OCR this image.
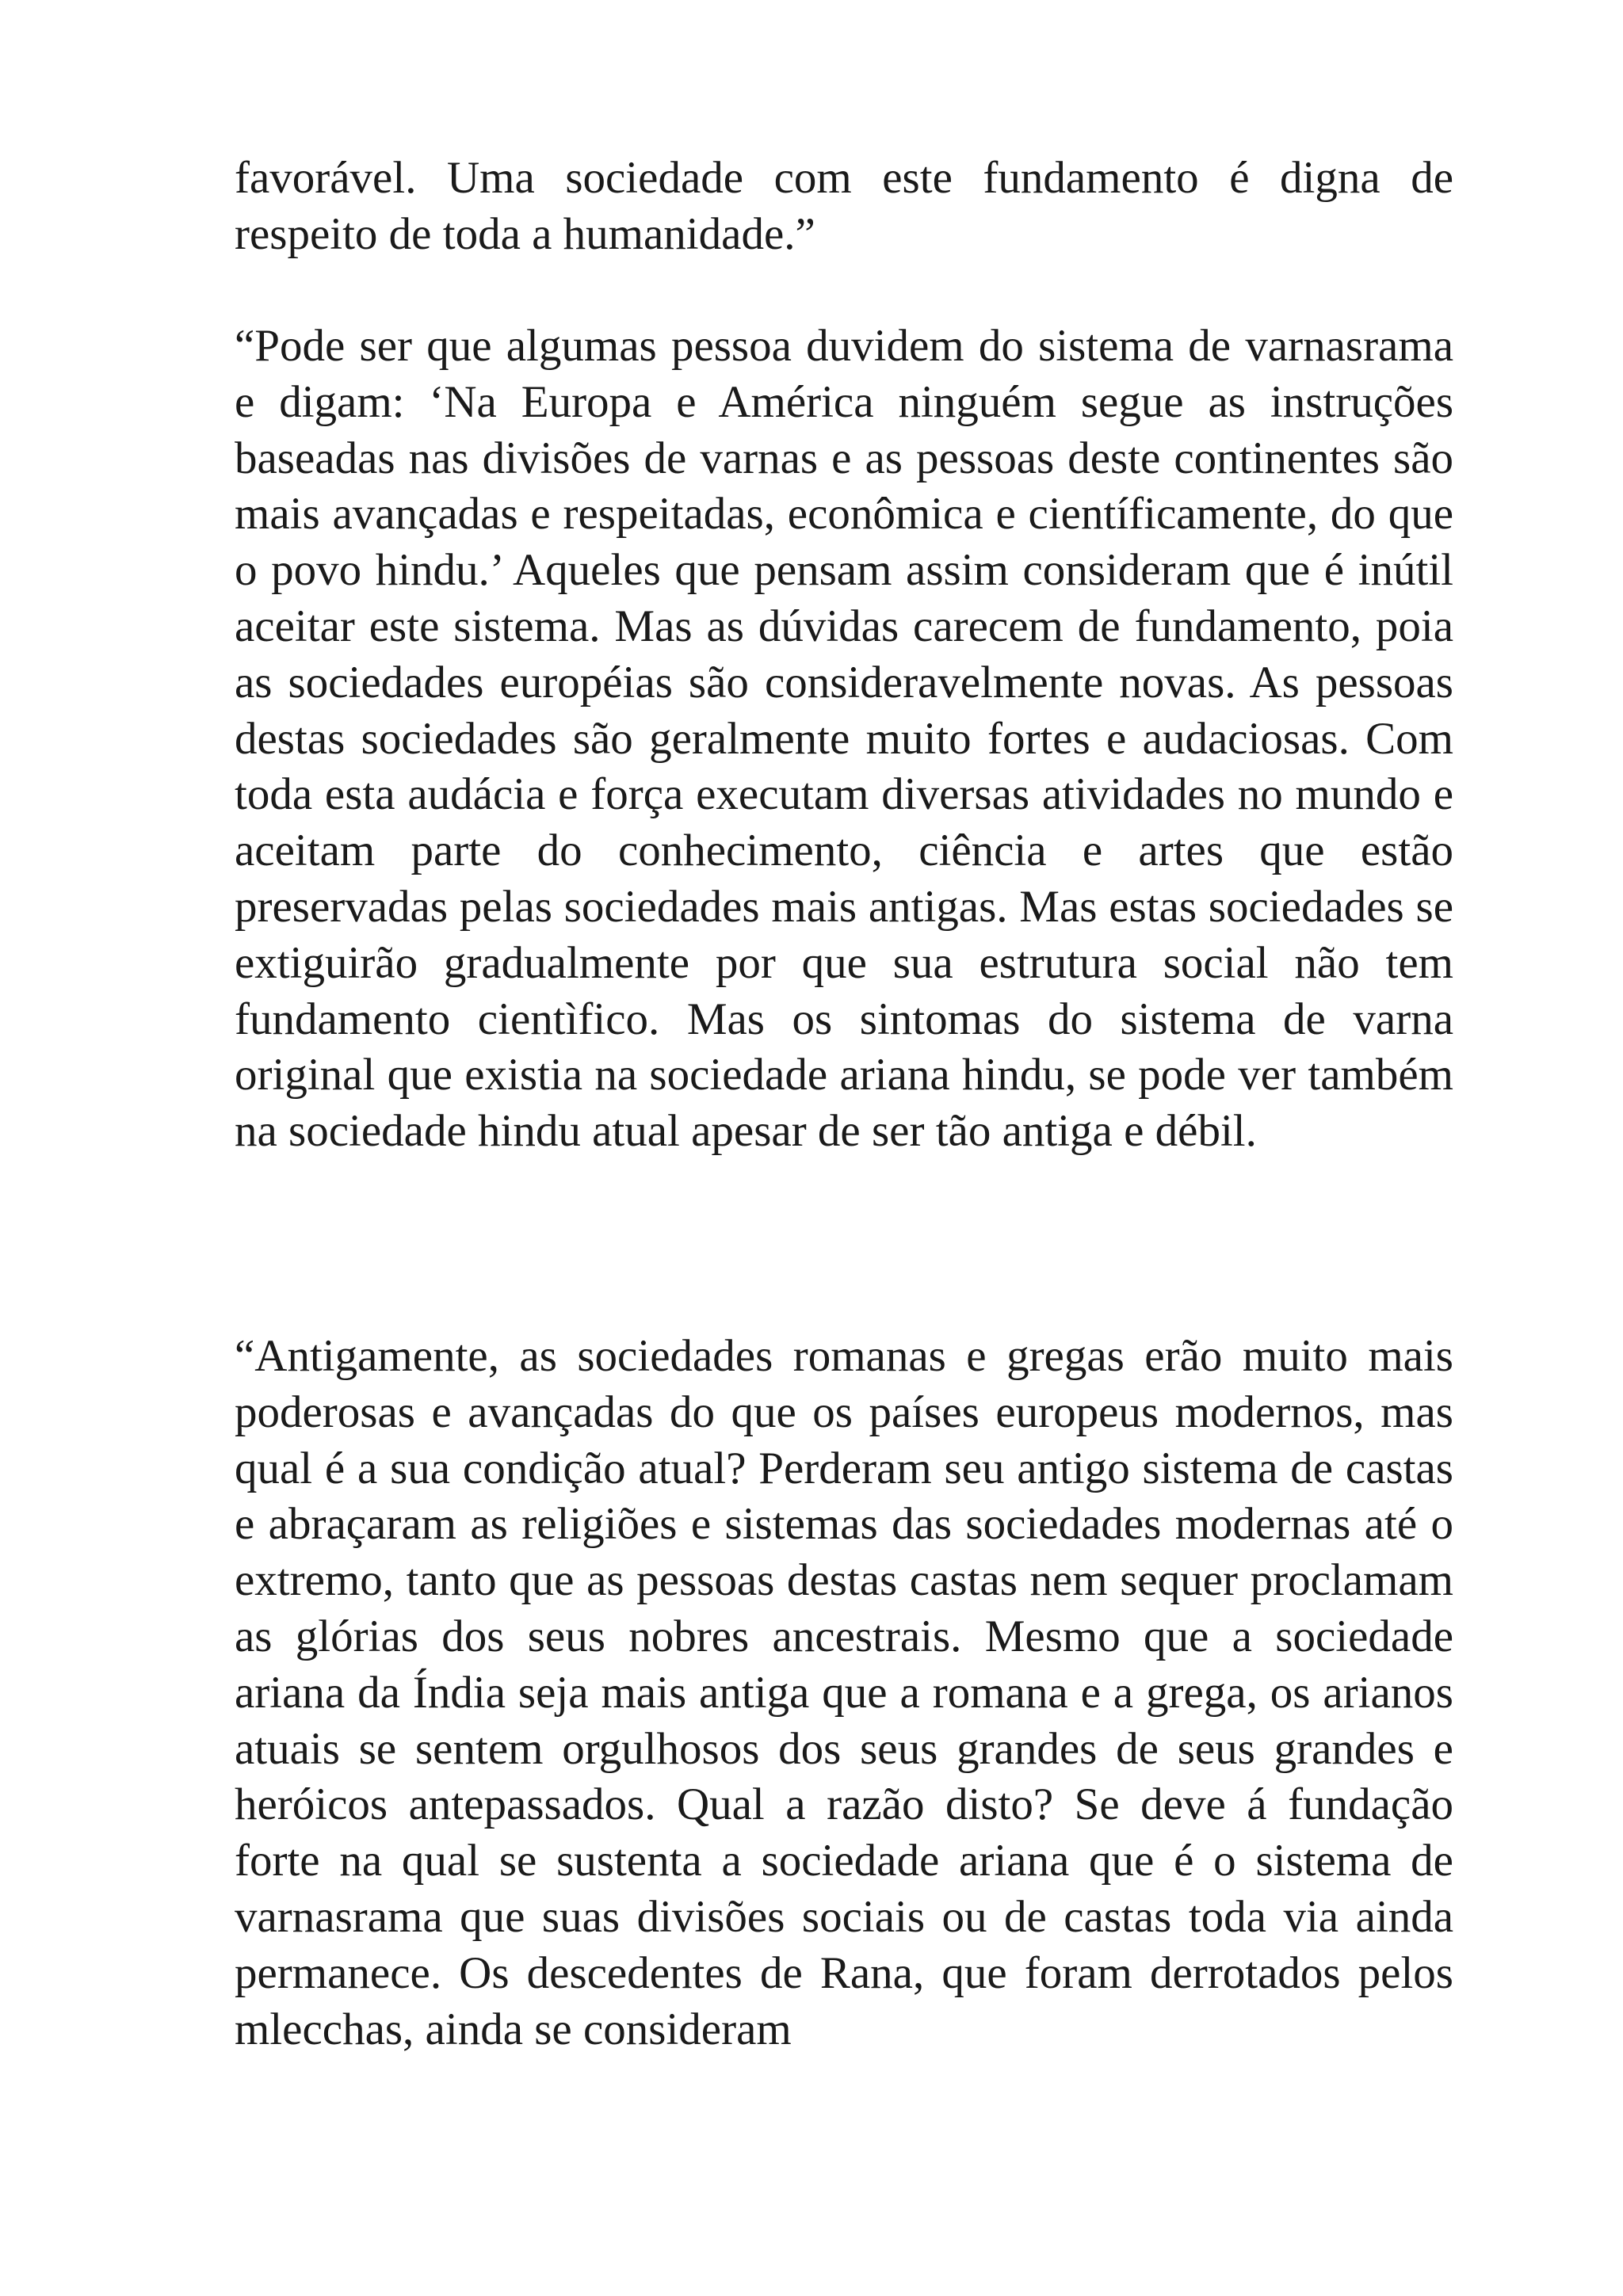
favorável. Uma sociedade com este fundamento é digna de respeito de toda a humanidade.”

“Pode ser que algumas pessoa duvidem do sistema de varnasrama e digam: ‘Na Europa e América ninguém segue as instruções baseadas nas divisões de varnas e as pessoas deste continentes são mais avançadas e respeitadas, econômica e científicamente, do que o povo hindu.’ Aqueles que pensam assim consideram que é inútil aceitar este sistema. Mas as dúvidas carecem de fundamento, poia as sociedades européias são consideravelmente novas. As pessoas destas sociedades são geralmente muito fortes e audaciosas. Com toda esta audácia e força executam diversas atividades no mundo e aceitam parte do conhecimento, ciência e artes que estão preservadas pelas sociedades mais antigas. Mas estas sociedades se extiguirão gradualmente por que sua estrutura social não tem fundamento cientìfico. Mas os sintomas do sistema de varna original que existia na sociedade ariana hindu, se pode ver também na sociedade hindu atual apesar de ser tão antiga e débil.

“Antigamente, as sociedades romanas e gregas erão muito mais poderosas e avançadas do que os países europeus modernos, mas qual é a sua condição atual? Perderam seu antigo sistema de castas e abraçaram as religiões e sistemas das sociedades modernas até o extremo, tanto que as pessoas destas castas nem sequer proclamam as glórias dos seus nobres ancestrais. Mesmo que a sociedade ariana da Índia seja mais antiga que a romana e a grega, os arianos atuais se sentem orgulhosos dos seus grandes de seus grandes e heróicos antepassados. Qual a razão disto? Se deve á fundação forte na qual se sustenta a sociedade ariana que é o sistema de varnasrama que suas divisões sociais ou de castas toda via ainda permanece. Os descedentes de Rana, que foram derrotados pelos mlecchas, ainda se consideram
